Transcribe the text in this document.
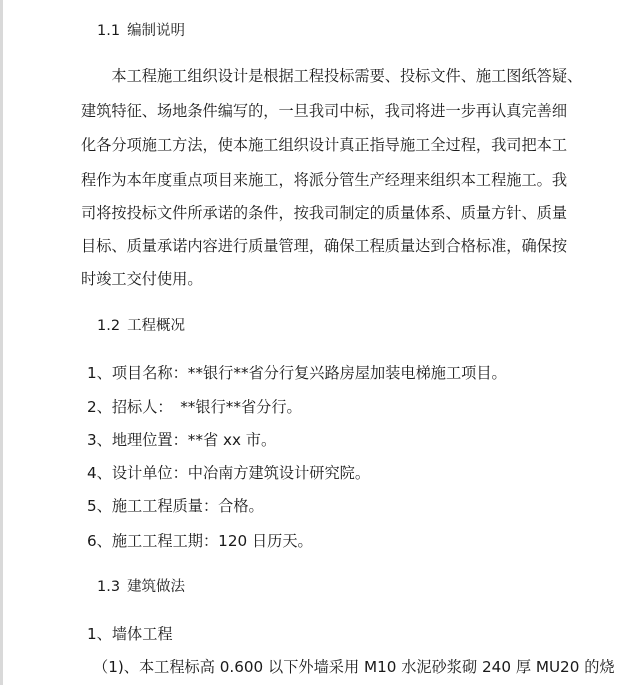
1.1 编制说明
　　本工程施工组织设计是根据工程投标需要、投标文件、施工图纸答疑、
建筑特征、场地条件编写的，一旦我司中标，我司将进一步再认真完善细
化各分项施工方法，使本施工组织设计真正指导施工全过程，我司把本工
程作为本年度重点项目来施工，将派分管生产经理来组织本工程施工。我
司将按投标文件所承诺的条件，按我司制定的质量体系、质量方针、质量
目标、质量承诺内容进行质量管理，确保工程质量达到合格标准，确保按
时竣工交付使用。
1.2 工程概况
1、项目名称：**银行**省分行复兴路房屋加装电梯施工项目。
2、招标人：　**银行**省分行。
3、地理位置：**省 xx 市。
4、设计单位：中冶南方建筑设计研究院。
5、施工工程质量：合格。
6、施工工程工期：120 日历天。
1.3 建筑做法
1、墙体工程
（1)、本工程标高 0.600 以下外墙采用 M10 水泥砂浆砌 240 厚 MU20 的烧
